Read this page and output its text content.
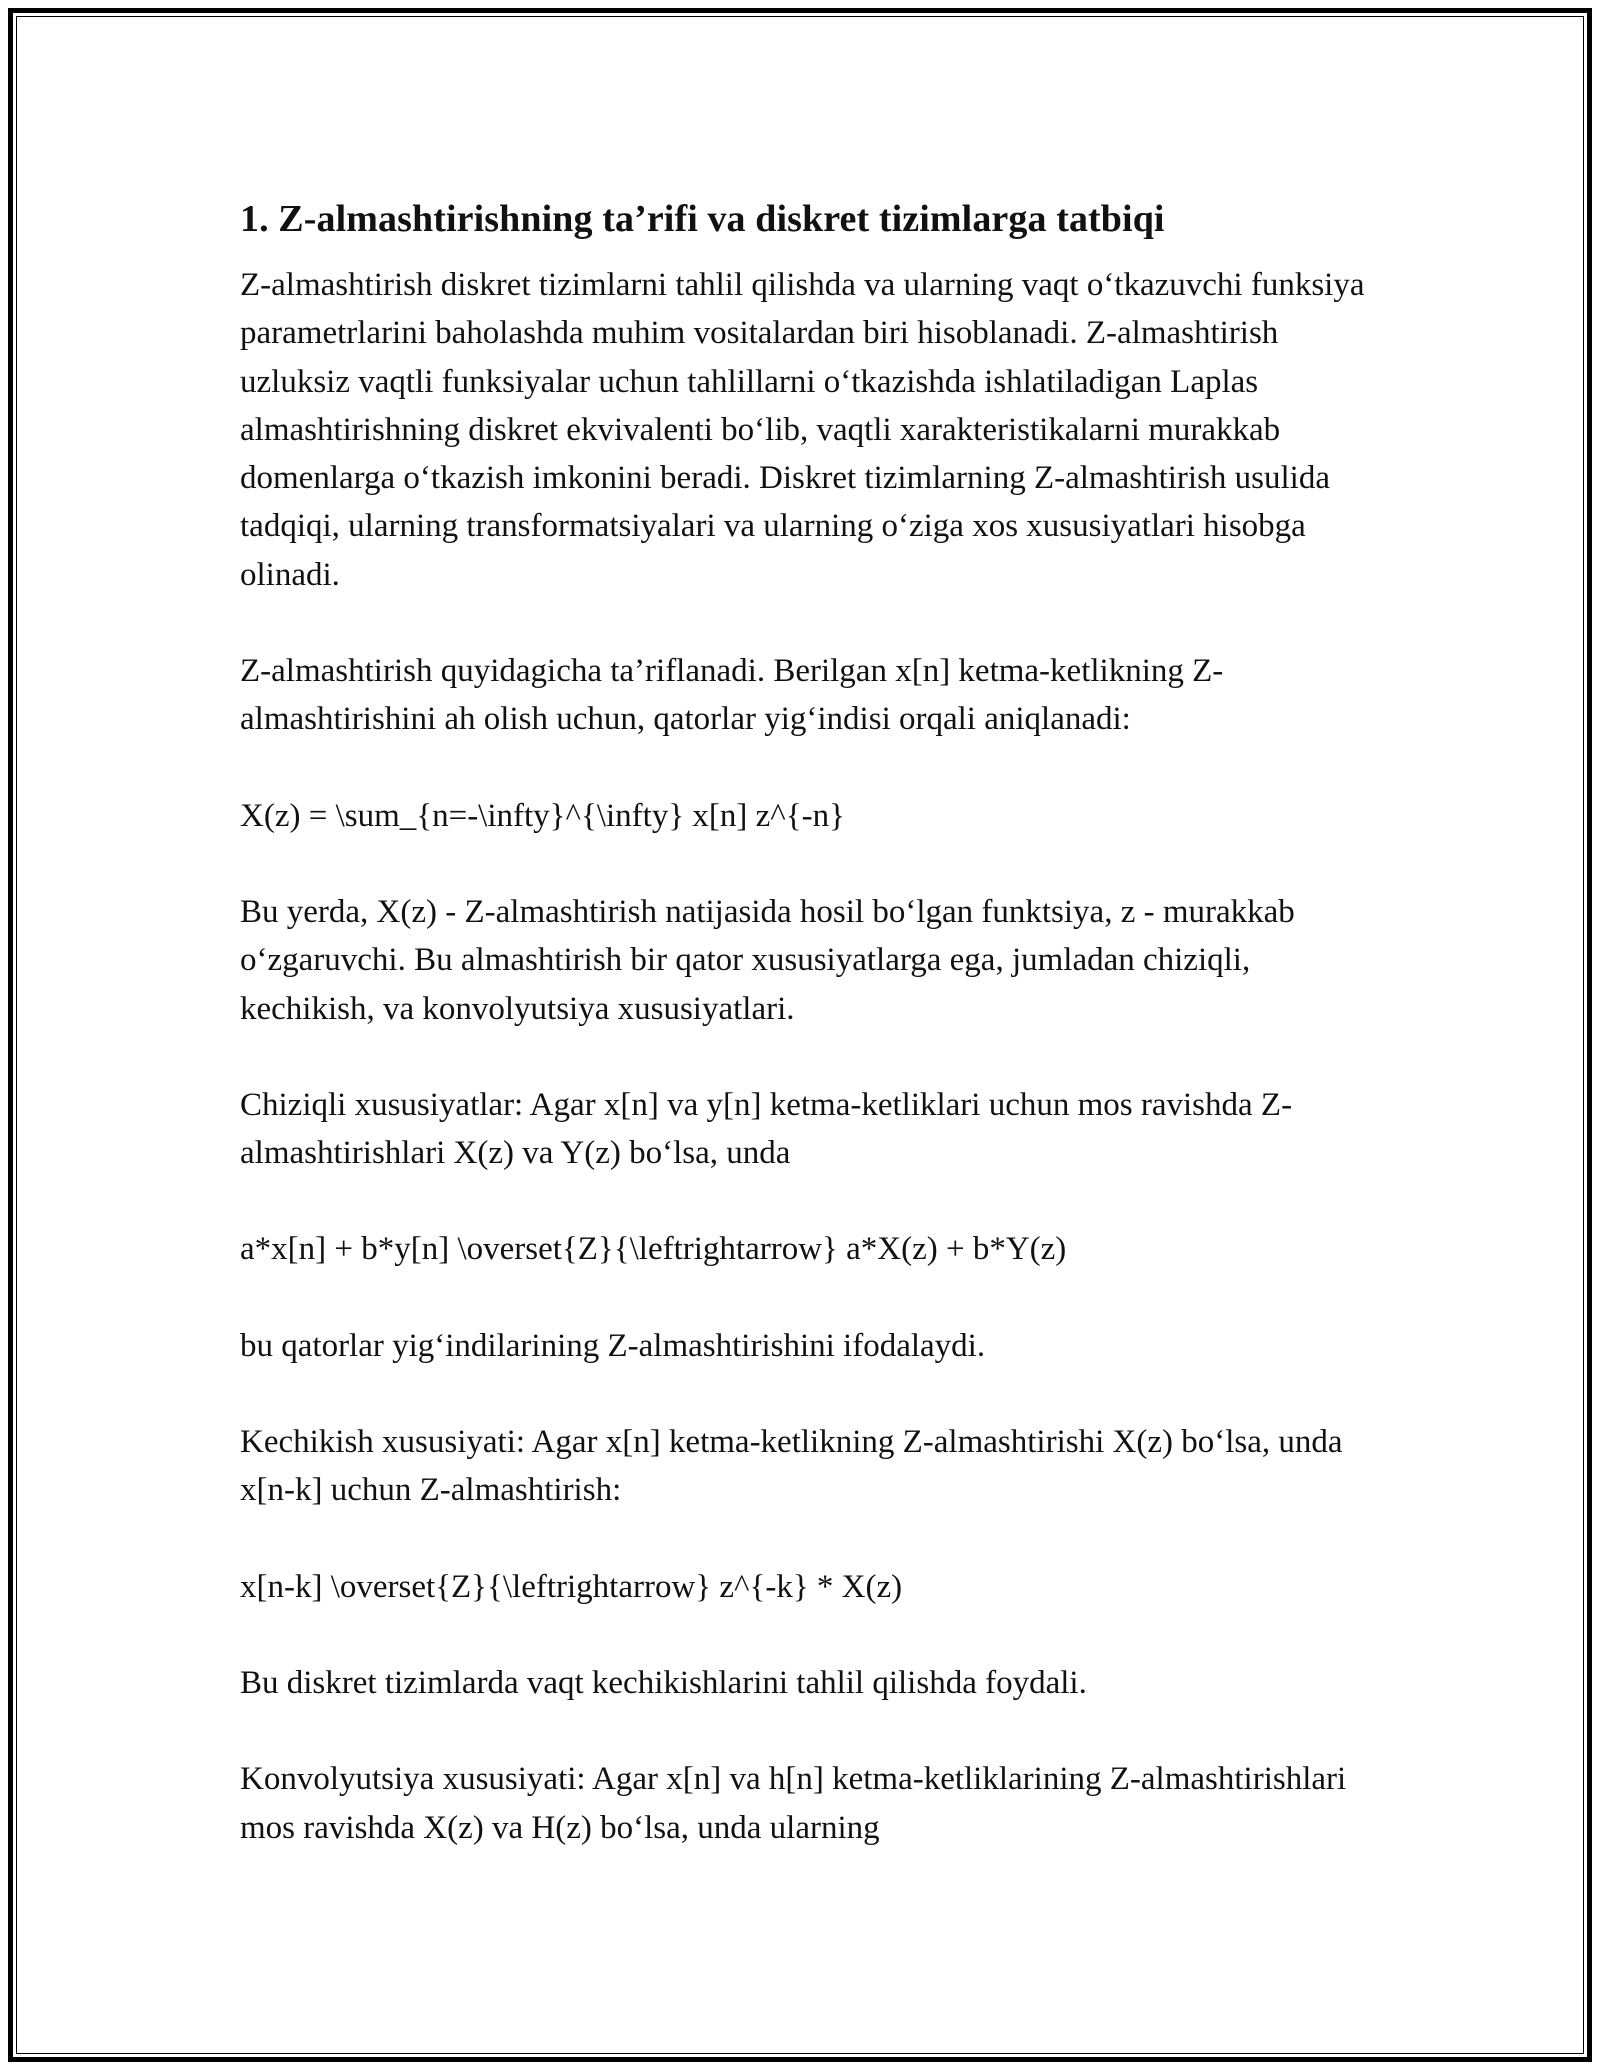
1. Z-almashtirishning ta’rifi va diskret tizimlarga tatbiqi

Z-almashtirish diskret tizimlarni tahlil qilishda va ularning vaqt o‘tkazuvchi funksiya parametrlarini baholashda muhim vositalardan biri hisoblanadi. Z-almashtirish uzluksiz vaqtli funksiyalar uchun tahlillarni o‘tkazishda ishlatiladigan Laplas almashtirishning diskret ekvivalenti bo‘lib, vaqtli xarakteristikalarni murakkab domenlarga o‘tkazish imkonini beradi. Diskret tizimlarning Z-almashtirish usulida tadqiqi, ularning transformatsiyalari va ularning o‘ziga xos xususiyatlari hisobga olinadi.

Z-almashtirish quyidagicha ta’riflanadi. Berilgan x[n] ketma-ketlikning Z-almashtirishini ah olish uchun, qatorlar yig‘indisi orqali aniqlanadi:

X(z) = \sum_{n=-\infty}^{\infty} x[n] z^{-n}

Bu yerda, X(z) - Z-almashtirish natijasida hosil bo‘lgan funktsiya, z - murakkab o‘zgaruvchi. Bu almashtirish bir qator xususiyatlarga ega, jumladan chiziqli, kechikish, va konvolyutsiya xususiyatlari.

Chiziqli xususiyatlar: Agar x[n] va y[n] ketma-ketliklari uchun mos ravishda Z-almashtirishlari X(z) va Y(z) bo‘lsa, unda

a*x[n] + b*y[n] \overset{Z}{\leftrightarrow} a*X(z) + b*Y(z)

bu qatorlar yig‘indilarining Z-almashtirishini ifodalaydi.

Kechikish xususiyati: Agar x[n] ketma-ketlikning Z-almashtirishi X(z) bo‘lsa, unda x[n-k] uchun Z-almashtirish:

x[n-k] \overset{Z}{\leftrightarrow} z^{-k} * X(z)

Bu diskret tizimlarda vaqt kechikishlarini tahlil qilishda foydali.

Konvolyutsiya xususiyati: Agar x[n] va h[n] ketma-ketliklarining Z-almashtirishlari mos ravishda X(z) va H(z) bo‘lsa, unda ularning
